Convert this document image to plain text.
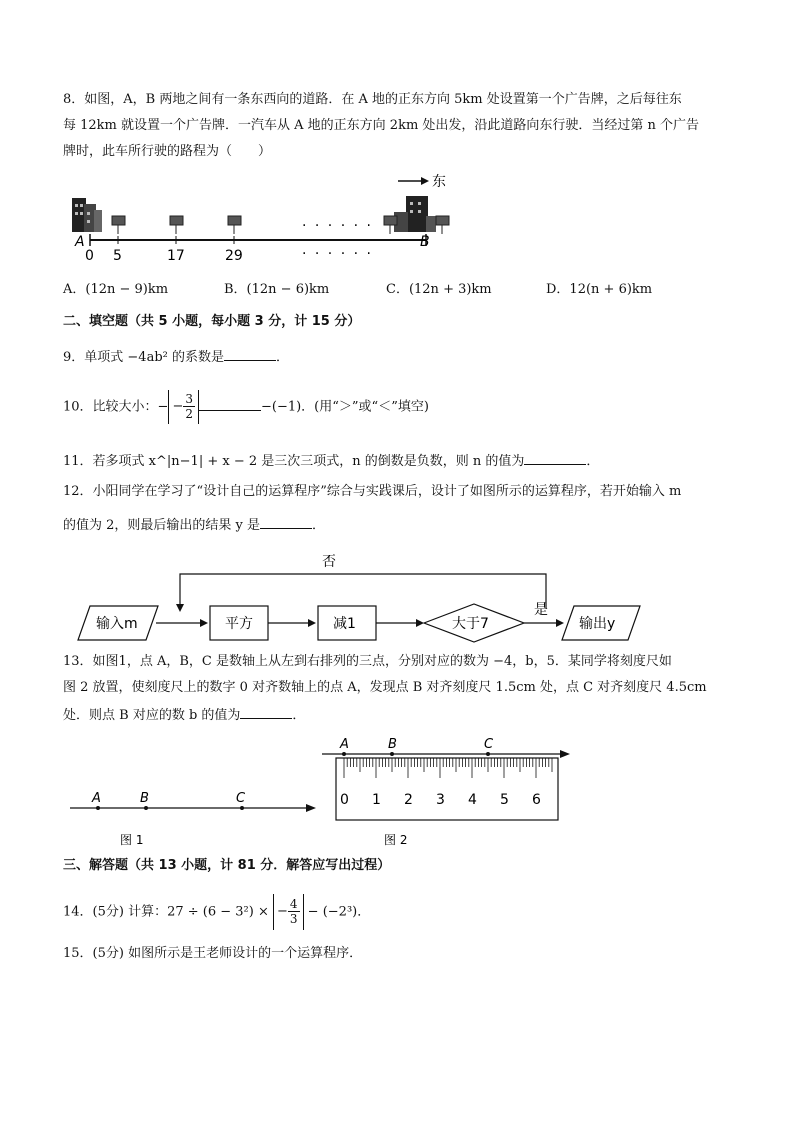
8．如图，A，B 两地之间有一条东西向的道路．在 A 地的正东方向 5km 处设置第一个广告牌，之后每往东
每 12km 就设置一个广告牌．一汽车从 A 地的正东方向 2km 处出发，沿此道路向东行驶．当经过第 n 个广告
牌时，此车所行驶的路程为（　　）
东
· · · · · ·
· · · · · ·
A	B
0 5	17	29
A．(12n − 9)km	B．(12n − 6)km	C．(12n + 3)km	D．12(n + 6)km
二、填空题（共 5 小题，每小题 3 分，计 15 分）
9．单项式 −4ab² 的系数是	．
10．比较大小：− − $\frac{3}{2}$	−(−1)．(用“＞”或“＜”填空)
11．若多项式 x^|n−1| + x − 2 是三次三项式，n 的倒数是负数，则 n 的值为	．
12．小阳同学在学习了“设计自己的运算程序”综合与实践课后，设计了如图所示的运算程序，若开始输入 m
的值为 2，则最后输出的结果 y 是	．
否
输入m	平方	减1	大于7
是
输出y
13．如图1，点 A，B，C 是数轴上从左到右排列的三点，分别对应的数为 −4，b，5．某同学将刻度尺如
图 2 放置，使刻度尺上的数字 0 对齐数轴上的点 A，发现点 B 对齐刻度尺 1.5cm 处，点 C 对齐刻度尺 4.5cm
处．则点 B 对应的数 b 的值为	．
A	B	C
图 1
A	B	C
0 1 2 3 4 5 6
图 2
三、解答题（共 13 小题，计 81 分．解答应写出过程）
14．(5分) 计算：27 ÷ (6 − 3²) × − $\frac{4}{3} - (-2^3)$．
15．(5分) 如图所示是王老师设计的一个运算程序．
